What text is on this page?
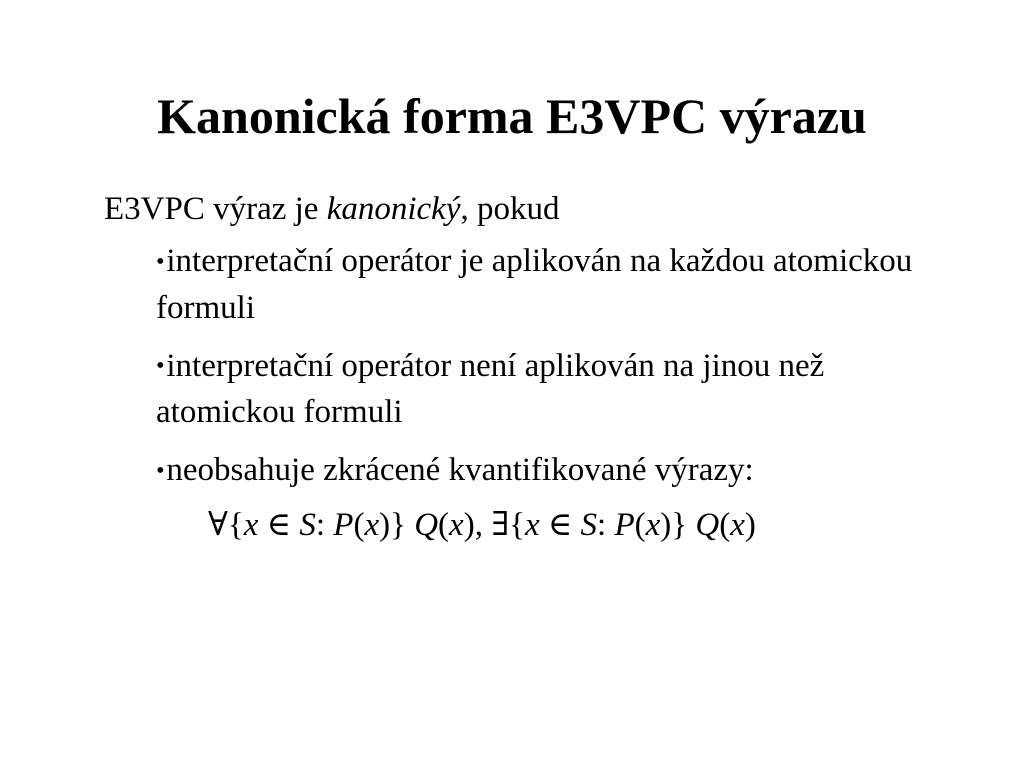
Kanonická forma E3VPC výrazu
E3VPC výraz je kanonický, pokud
•interpretační operátor je aplikován na každou atomickou formuli
•interpretační operátor není aplikován na jinou než atomickou formuli
•neobsahuje zkrácené kvantifikované výrazy:
∀{x ∈ S: P(x)} Q(x), ∃{x ∈ S: P(x)} Q(x)
